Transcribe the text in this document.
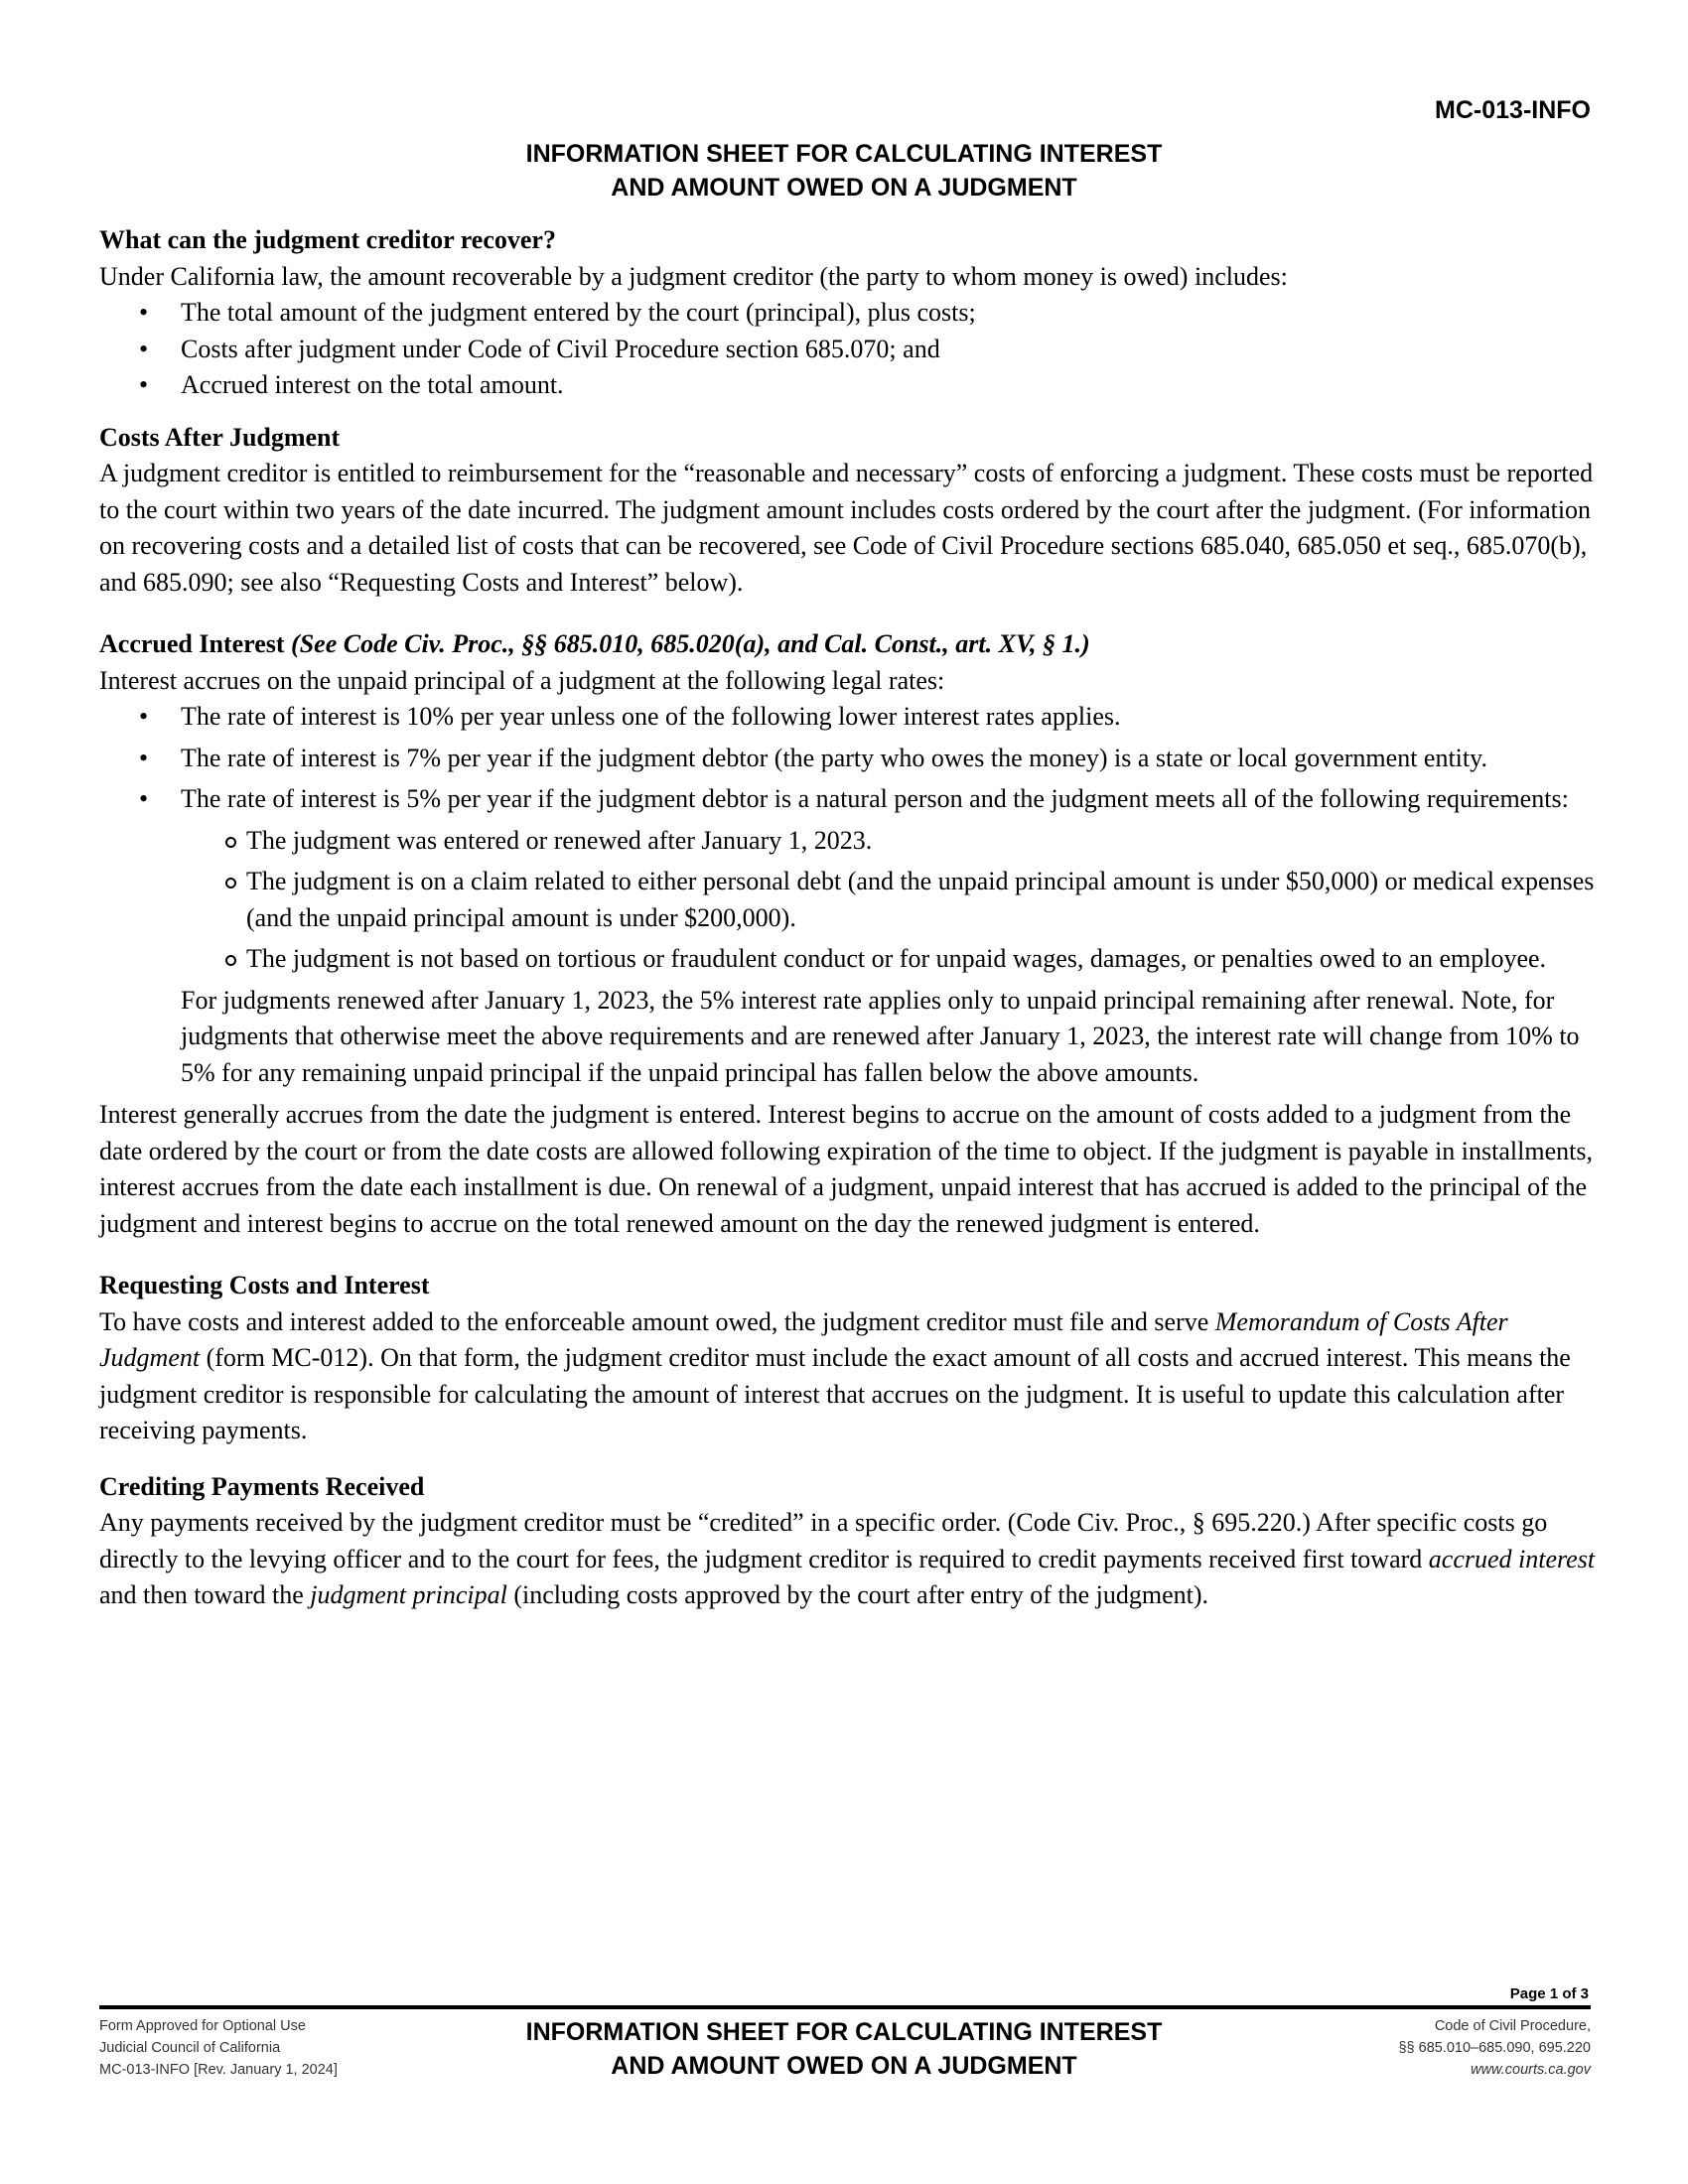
MC-013-INFO
INFORMATION SHEET FOR CALCULATING INTEREST
AND AMOUNT OWED ON A JUDGMENT
What can the judgment creditor recover?

Under California law, the amount recoverable by a judgment creditor (the party to whom money is owed) includes:

• The total amount of the judgment entered by the court (principal), plus costs;
• Costs after judgment under Code of Civil Procedure section 685.070; and
• Accrued interest on the total amount.
Costs After Judgment

A judgment creditor is entitled to reimbursement for the “reasonable and necessary” costs of enforcing a judgment. These costs must be reported to the court within two years of the date incurred. The judgment amount includes costs ordered by the court after the judgment. (For information on recovering costs and a detailed list of costs that can be recovered, see Code of Civil Procedure sections 685.040, 685.050 et seq., 685.070(b), and 685.090; see also “Requesting Costs and Interest” below).

Accrued Interest (See Code Civ. Proc., §§ 685.010, 685.020(a), and Cal. Const., art. XV, § 1.)

Interest accrues on the unpaid principal of a judgment at the following legal rates:

• The rate of interest is 10% per year unless one of the following lower interest rates applies.
• The rate of interest is 7% per year if the judgment debtor (the party who owes the money) is a state or local government entity.
• The rate of interest is 5% per year if the judgment debtor is a natural person and the judgment meets all of the following requirements:
The judgment was entered or renewed after January 1, 2023.
The judgment is on a claim related to either personal debt (and the unpaid principal amount is under $50,000) or medical expenses (and the unpaid principal amount is under $200,000).
The judgment is not based on tortious or fraudulent conduct or for unpaid wages, damages, or penalties owed to an employee.

For judgments renewed after January 1, 2023, the 5% interest rate applies only to unpaid principal remaining after renewal. Note, for judgments that otherwise meet the above requirements and are renewed after January 1, 2023, the interest rate will change from 10% to 5% for any remaining unpaid principal if the unpaid principal has fallen below the above amounts.

Interest generally accrues from the date the judgment is entered. Interest begins to accrue on the amount of costs added to a judgment from the date ordered by the court or from the date costs are allowed following expiration of the time to object. If the judgment is payable in installments, interest accrues from the date each installment is due. On renewal of a judgment, unpaid interest that has accrued is added to the principal of the judgment and interest begins to accrue on the total renewed amount on the day the renewed judgment is entered.

Requesting Costs and Interest

To have costs and interest added to the enforceable amount owed, the judgment creditor must file and serve Memorandum of Costs After Judgment (form MC-012). On that form, the judgment creditor must include the exact amount of all costs and accrued interest. This means the judgment creditor is responsible for calculating the amount of interest that accrues on the judgment. It is useful to update this calculation after receiving payments.

Crediting Payments Received

Any payments received by the judgment creditor must be “credited” in a specific order. (Code Civ. Proc., § 695.220.) After specific costs go directly to the levying officer and to the court for fees, the judgment creditor is required to credit payments received first toward accrued interest and then toward the judgment principal (including costs approved by the court after entry of the judgment).

Page 1 of 3
Form Approved for Optional Use
Judicial Council of California
MC-013-INFO [Rev. January 1, 2024]
INFORMATION SHEET FOR CALCULATING INTEREST
AND AMOUNT OWED ON A JUDGMENT
Code of Civil Procedure,
§§ 685.010–685.090, 695.220
www.courts.ca.gov
